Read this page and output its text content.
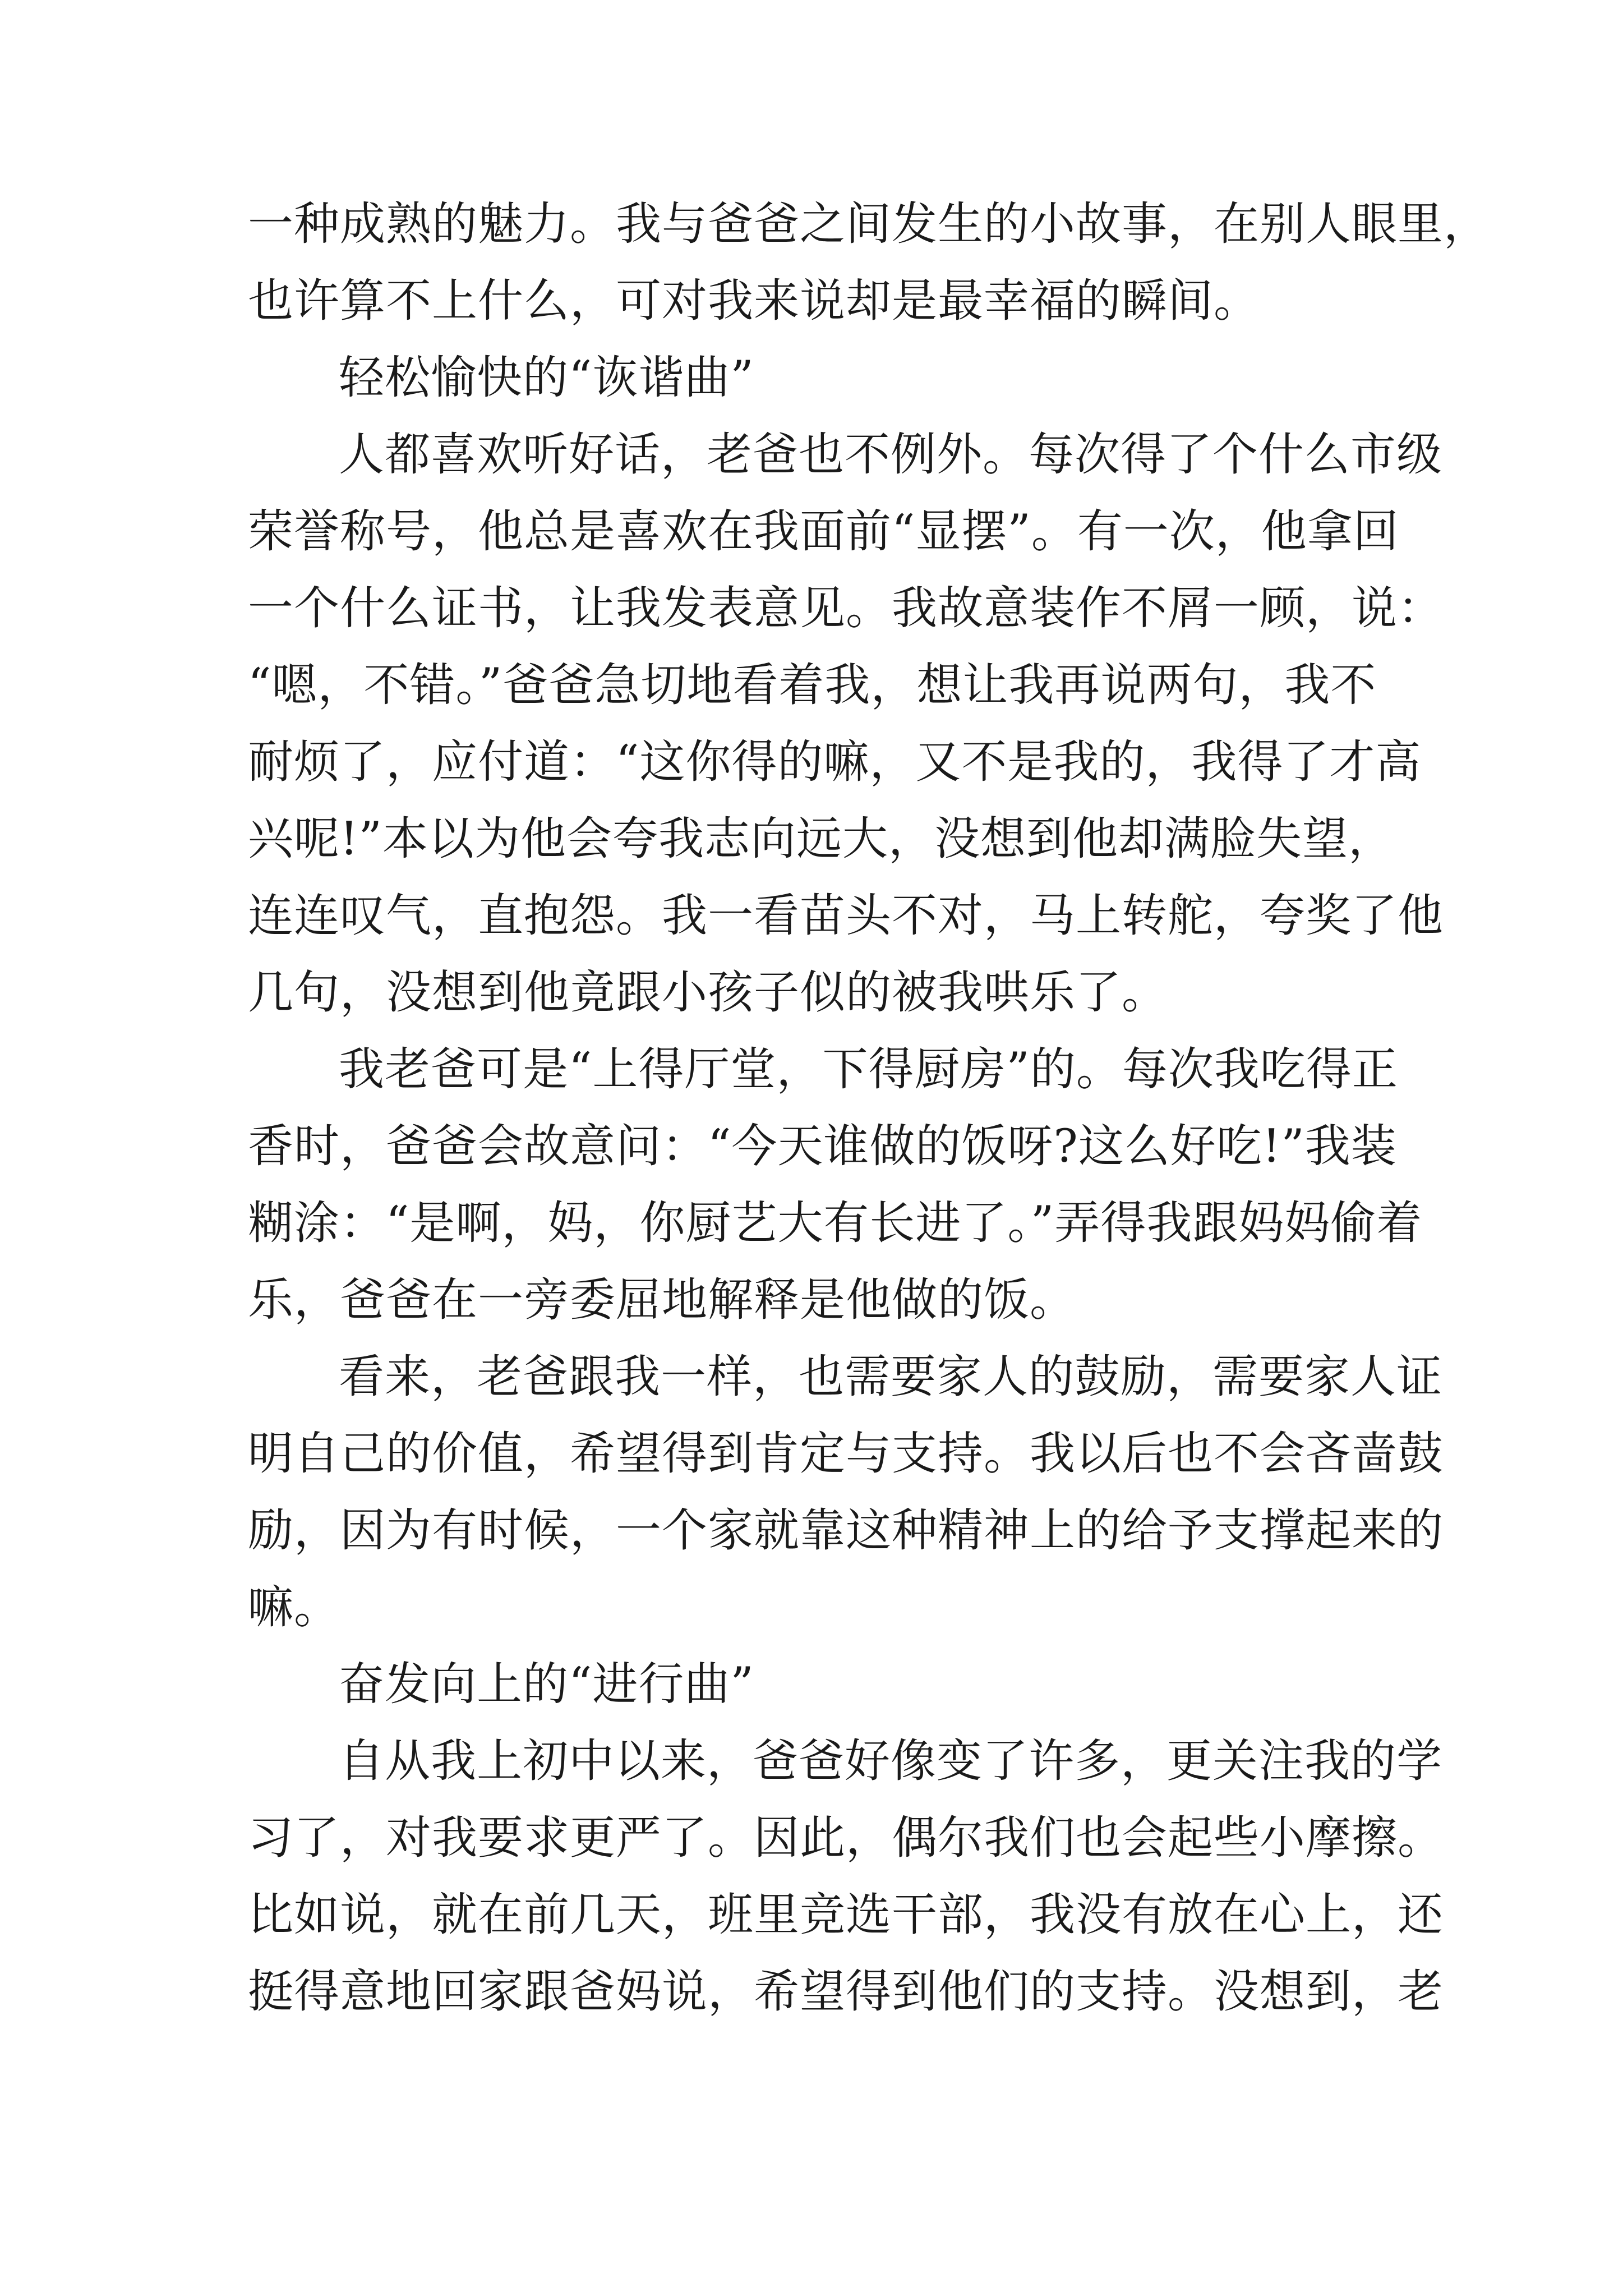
一种成熟的魅力。我与爸爸之间发生的小故事，在别人眼里，
也许算不上什么，可对我来说却是最幸福的瞬间。
轻松愉快的“诙谐曲”
人都喜欢听好话，老爸也不例外。每次得了个什么市级
荣誉称号，他总是喜欢在我面前“显摆”。有一次，他拿回
一个什么证书，让我发表意见。我故意装作不屑一顾，说：
“嗯，不错。”爸爸急切地看着我，想让我再说两句，我不
耐烦了，应付道：“这你得的嘛，又不是我的，我得了才高
兴呢!”本以为他会夸我志向远大，没想到他却满脸失望，
连连叹气，直抱怨。我一看苗头不对，马上转舵，夸奖了他
几句，没想到他竟跟小孩子似的被我哄乐了。
我老爸可是“上得厅堂，下得厨房”的。每次我吃得正
香时，爸爸会故意问：“今天谁做的饭呀?这么好吃!”我装
糊涂：“是啊，妈，你厨艺大有长进了。”弄得我跟妈妈偷着
乐，爸爸在一旁委屈地解释是他做的饭。
看来，老爸跟我一样，也需要家人的鼓励，需要家人证
明自己的价值，希望得到肯定与支持。我以后也不会吝啬鼓
励，因为有时候，一个家就靠这种精神上的给予支撑起来的
嘛。
奋发向上的“进行曲”
自从我上初中以来，爸爸好像变了许多，更关注我的学
习了，对我要求更严了。因此，偶尔我们也会起些小摩擦。
比如说，就在前几天，班里竞选干部，我没有放在心上，还
挺得意地回家跟爸妈说，希望得到他们的支持。没想到，老
